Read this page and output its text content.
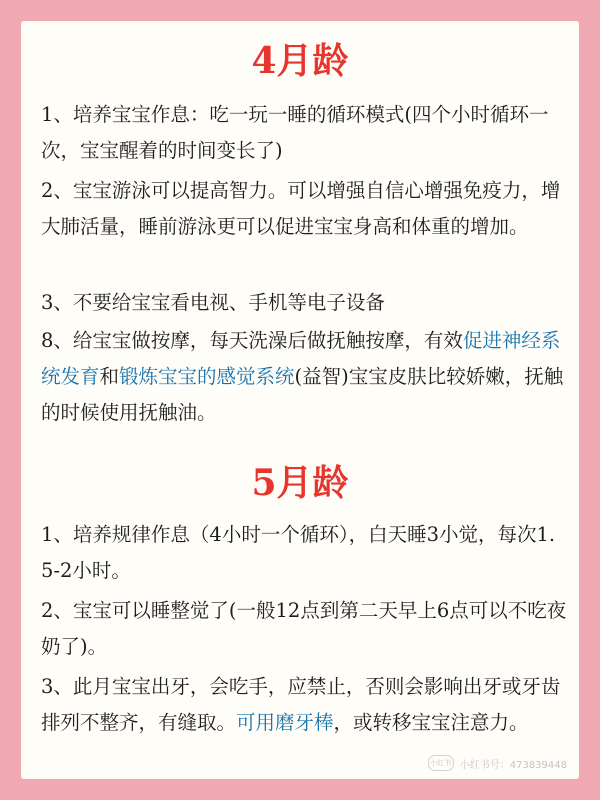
4月龄

1、培养宝宝作息：吃一玩一睡的循环模式(四个小时循环一次，宝宝醒着的时间变长了)

2、宝宝游泳可以提高智力。可以增强自信心增强免疫力，增大肺活量，睡前游泳更可以促进宝宝身高和体重的增加。

3、不要给宝宝看电视、手机等电子设备

8、给宝宝做按摩，每天洗澡后做抚触按摩，有效促进神经系统发育和锻炼宝宝的感觉系统(益智)宝宝皮肤比较娇嫩，抚触的时候使用抚触油。

5月龄

1、培养规律作息（4小时一个循环），白天睡3小觉，每次1.5-2小时。

2、宝宝可以睡整觉了(一般12点到第二天早上6点可以不吃夜奶了)。

3、此月宝宝出牙，会吃手，应禁止，否则会影响出牙或牙齿排列不整齐，有缝取。可用磨牙棒，或转移宝宝注意力。

小红书 小红书号：473839448
